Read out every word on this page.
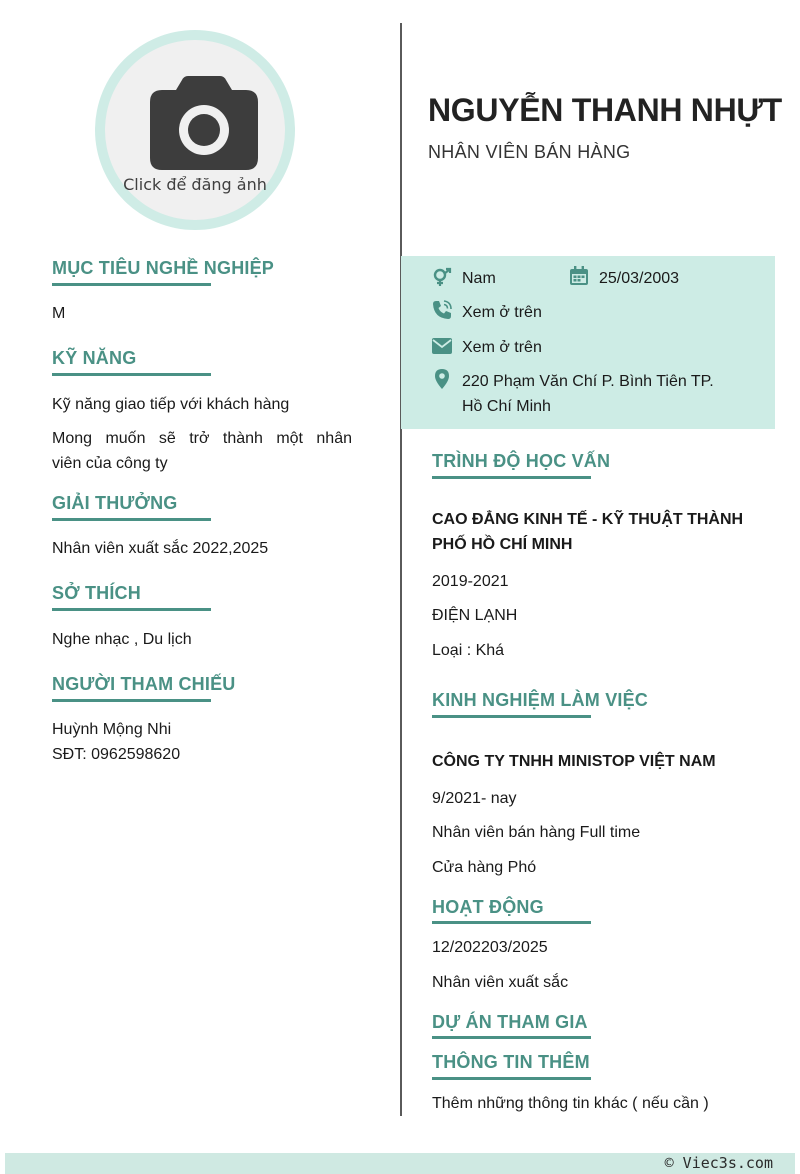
Click để đăng ảnh
NGUYỄN THANH NHỰT
NHÂN VIÊN BÁN HÀNG
Nam	25/03/2003
Xem ở trên
Xem ở trên
220 Phạm Văn Chí P. Bình Tiên TP.
Hồ Chí Minh
MỤC TIÊU NGHỀ NGHIỆP
M
KỸ NĂNG
Kỹ năng giao tiếp với khách hàng
Mong muốn sẽ trở thành một nhân
viên của công ty
GIẢI THƯỞNG
Nhân viên xuất sắc 2022,2025
SỞ THÍCH
Nghe nhạc , Du lịch
NGƯỜI THAM CHIẾU
Huỳnh Mộng Nhi
SĐT: 0962598620
TRÌNH ĐỘ HỌC VẤN
CAO ĐẲNG KINH TẾ - KỸ THUẬT THÀNH
PHỐ HỒ CHÍ MINH
2019-2021
ĐIỆN LẠNH
Loại : Khá
KINH NGHIỆM LÀM VIỆC
CÔNG TY TNHH MINISTOP VIỆT NAM
9/2021- nay
Nhân viên bán hàng Full time
Cửa hàng Phó
HOẠT ĐỘNG
12/202203/2025
Nhân viên xuất sắc
DỰ ÁN THAM GIA
THÔNG TIN THÊM
Thêm những thông tin khác ( nếu cần )
© Viec3s.com
